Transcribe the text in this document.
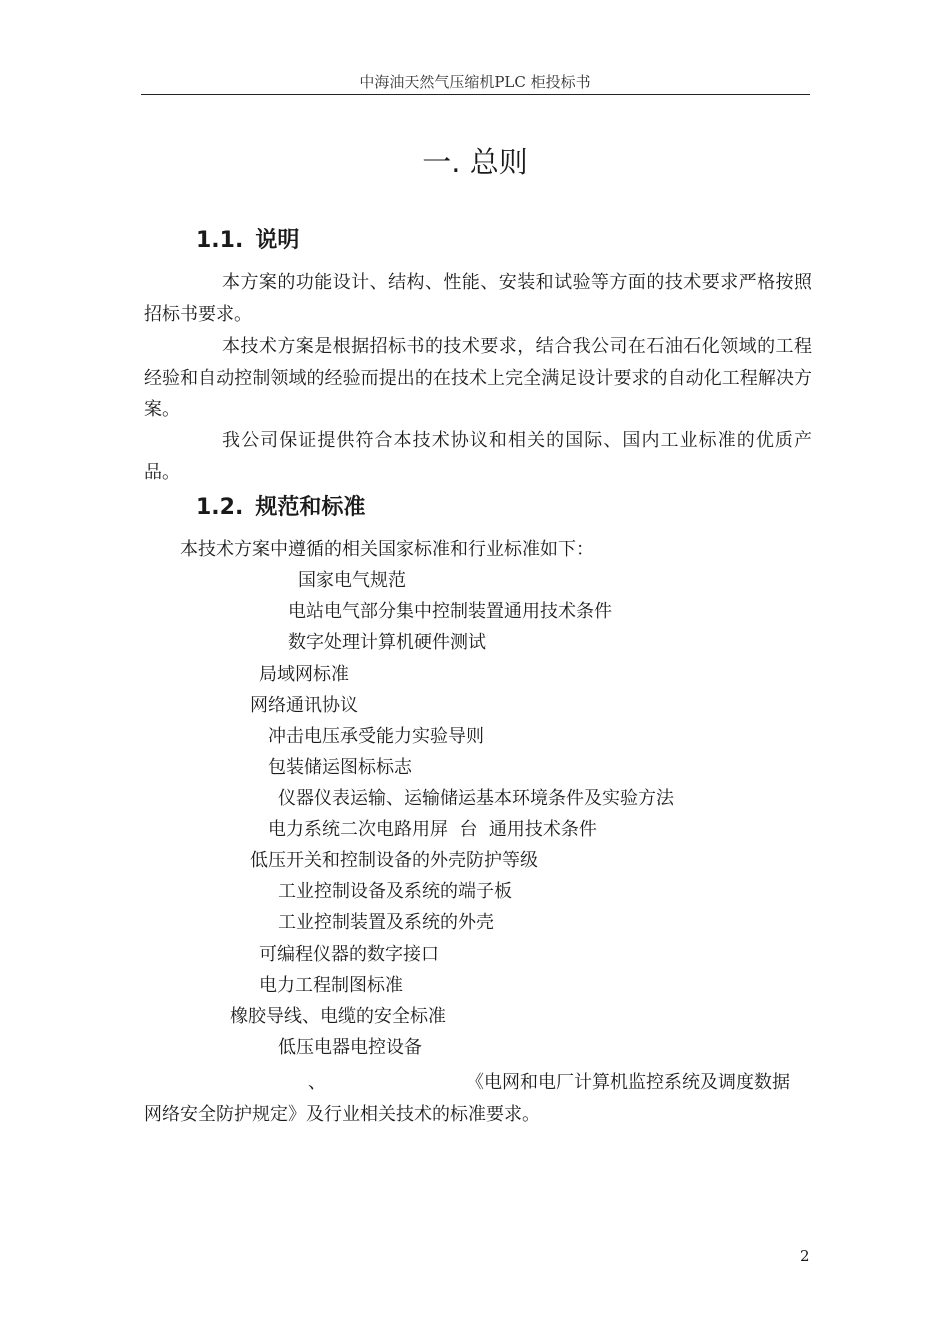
中海油天然气压缩机PLC 柜投标书
一. 总则
1.1. 说明

本方案的功能设计、结构、性能、安装和试验等方面的技术要求严格按照招标书要求。

本技术方案是根据招标书的技术要求，结合我公司在石油石化领域的工程经验和自动控制领域的经验而提出的在技术上完全满足设计要求的自动化工程解决方案。

我公司保证提供符合本技术协议和相关的国际、国内工业标准的优质产品。

1.2. 规范和标准

本技术方案中遵循的相关国家标准和行业标准如下：

国家电气规范

电站电气部分集中控制装置通用技术条件

数字处理计算机硬件测试

局域网标准

网络通讯协议

冲击电压承受能力实验导则

包装储运图标标志

仪器仪表运输、运输储运基本环境条件及实验方法

电力系统二次电路用屏  台  通用技术条件

低压开关和控制设备的外壳防护等级

工业控制设备及系统的端子板

工业控制装置及系统的外壳

可编程仪器的数字接口

电力工程制图标准

橡胶导线、电缆的安全标准

低压电器电控设备

、	《电网和电厂计算机监控系统及调度数据

网络安全防护规定》及行业相关技术的标准要求。
2
